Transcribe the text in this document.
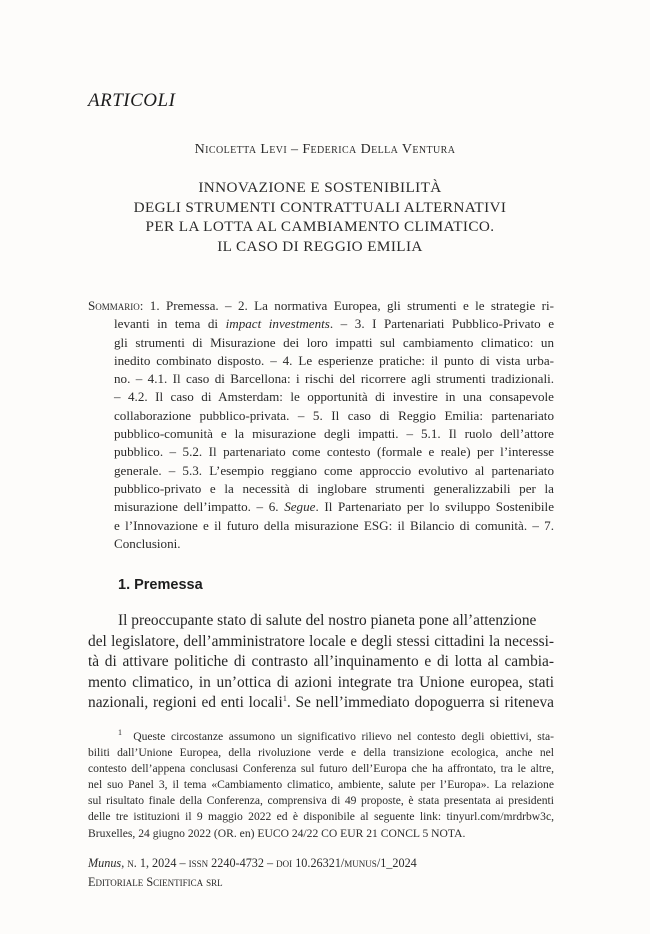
ARTICOLI
Nicoletta Levi – Federica Della Ventura
INNOVAZIONE E SOSTENIBILITÀ
DEGLI STRUMENTI CONTRATTUALI ALTERNATIVI
PER LA LOTTA AL CAMBIAMENTO CLIMATICO.
IL CASO DI REGGIO EMILIA
Sommario: 1. Premessa. – 2. La normativa Europea, gli strumenti e le strategie ri-
levanti in tema di impact investments. – 3. I Partenariati Pubblico-Privato e
gli strumenti di Misurazione dei loro impatti sul cambiamento climatico: un
inedito combinato disposto. – 4. Le esperienze pratiche: il punto di vista urba-
no. – 4.1. Il caso di Barcellona: i rischi del ricorrere agli strumenti tradizionali.
– 4.2. Il caso di Amsterdam: le opportunità di investire in una consapevole
collaborazione pubblico-privata. – 5. Il caso di Reggio Emilia: partenariato
pubblico-comunità e la misurazione degli impatti. – 5.1. Il ruolo dell’attore
pubblico. – 5.2. Il partenariato come contesto (formale e reale) per l’interesse
generale. – 5.3. L’esempio reggiano come approccio evolutivo al partenariato
pubblico-privato e la necessità di inglobare strumenti generalizzabili per la
misurazione dell’impatto. – 6. Segue. Il Partenariato per lo sviluppo Sostenibile
e l’Innovazione e il futuro della misurazione ESG: il Bilancio di comunità. – 7.
Conclusioni.
1. Premessa
Il preoccupante stato di salute del nostro pianeta pone all’attenzione
del legislatore, dell’amministratore locale e degli stessi cittadini la necessi-
tà di attivare politiche di contrasto all’inquinamento e di lotta al cambia-
mento climatico, in un’ottica di azioni integrate tra Unione europea, stati
nazionali, regioni ed enti locali$^1$. Se nell’immediato dopoguerra si riteneva
$^1$ Queste circostanze assumono un significativo rilievo nel contesto degli obiettivi, sta-
biliti dall’Unione Europea, della rivoluzione verde e della transizione ecologica, anche nel
contesto dell’appena conclusasi Conferenza sul futuro dell’Europa che ha affrontato, tra le altre,
nel suo Panel 3, il tema «Cambiamento climatico, ambiente, salute per l’Europa». La relazione
sul risultato finale della Conferenza, comprensiva di 49 proposte, è stata presentata ai presidenti
delle tre istituzioni il 9 maggio 2022 ed è disponibile al seguente link: tinyurl.com/mrdrbw3c,
Bruxelles, 24 giugno 2022 (OR. en) EUCO 24/22 CO EUR 21 CONCL 5 NOTA.
Munus, n. 1, 2024 – issn 2240-4732 – doi 10.26321/munus/1_2024
Editoriale Scientifica srl
